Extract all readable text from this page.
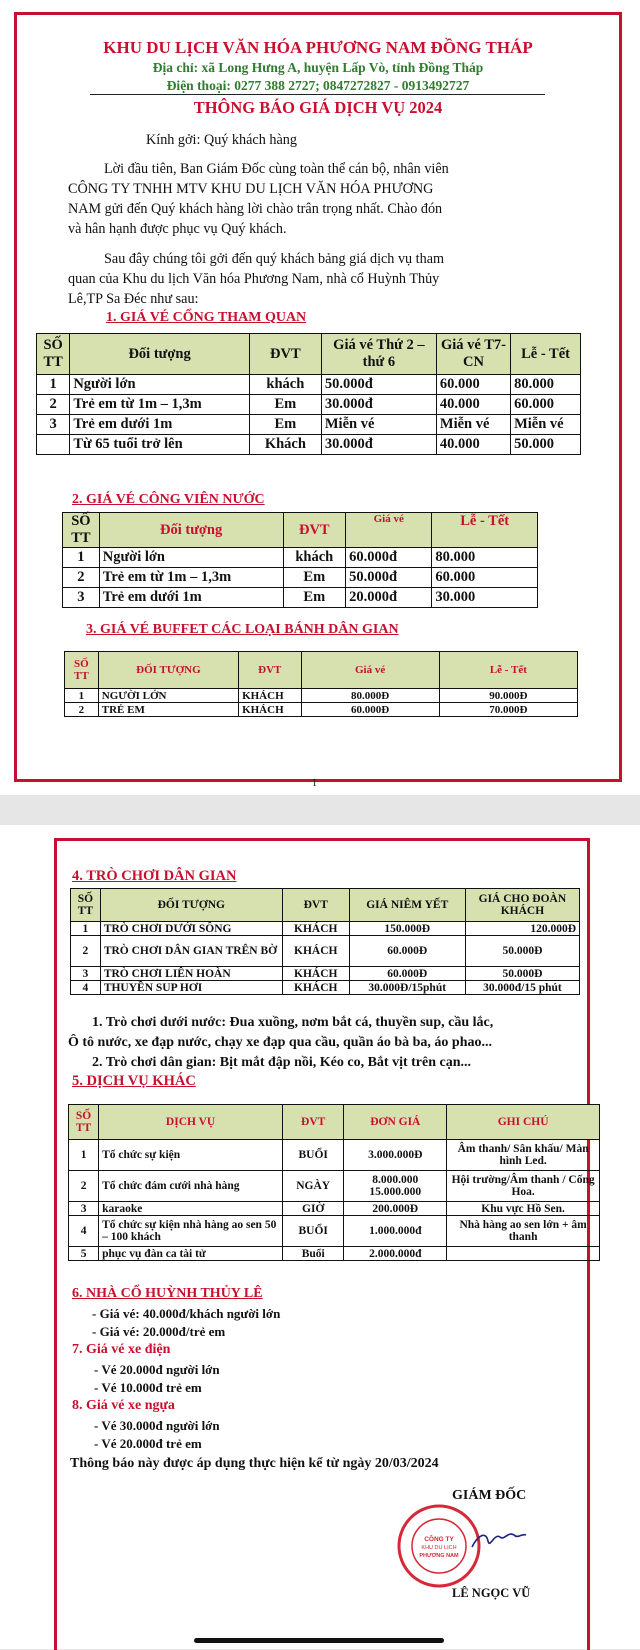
KHU DU LỊCH VĂN HÓA PHƯƠNG NAM ĐỒNG THÁP
Địa chỉ: xã Long Hưng A, huyện Lấp Vò, tỉnh Đồng Tháp
Điện thoại: 0277 388 2727; 0847272827 - 0913492727
THÔNG BÁO GIÁ DỊCH VỤ 2024
Kính gởi: Quý khách hàng
Lời đầu tiên, Ban Giám Đốc cùng toàn thể cán bộ, nhân viên
CÔNG TY TNHH MTV KHU DU LỊCH VĂN HÓA PHƯƠNG
NAM gửi đến Quý khách hàng lời chào trân trọng nhất. Chào đón
và hân hạnh được phục vụ Quý khách.
Sau đây chúng tôi gởi đến quý khách bảng giá dịch vụ tham
quan của Khu du lịch Văn hóa Phương Nam, nhà cổ Huỳnh Thủy
Lê,TP Sa Đéc như sau:
1. GIÁ VÉ CỔNG THAM QUAN
SỐ TT	Đối tượng	ĐVT	Giá vé Thứ 2 – thứ 6	Giá vé T7-CN	Lễ - Tết
1	Người lớn	khách	50.000đ	60.000	80.000
2	Trẻ em từ 1m – 1,3m	Em	30.000đ	40.000	60.000
3	Trẻ em dưới 1m	Em	Miễn vé	Miễn vé	Miễn vé
	Từ 65 tuổi trở lên	Khách	30.000đ	40.000	50.000
2. GIÁ VÉ CÔNG VIÊN NƯỚC
SỐ TT	Đối tượng	ĐVT	Giá vé	Lễ - Tết
1	Người lớn	khách	60.000đ	80.000
2	Trẻ em từ 1m – 1,3m	Em	50.000đ	60.000
3	Trẻ em dưới 1m	Em	20.000đ	30.000
3. GIÁ VÉ BUFFET CÁC LOẠI BÁNH DÂN GIAN
SỐ TT	ĐỐI TƯỢNG	ĐVT	Giá vé	Lễ - Tết
1	NGƯỜI LỚN	KHÁCH	80.000Đ	90.000Đ
2	TRẺ EM	KHÁCH	60.000Đ	70.000Đ
1
4. TRÒ CHƠI DÂN GIAN
SỐ TT	ĐỐI TƯỢNG	ĐVT	GIÁ NIÊM YẾT	GIÁ CHO ĐOÀN KHÁCH
1	TRÒ CHƠI DƯỚI SÔNG	KHÁCH	150.000Đ	120.000Đ
2	TRÒ CHƠI DÂN GIAN TRÊN BỜ	KHÁCH	60.000Đ	50.000Đ
3	TRÒ CHƠI LIÊN HOÀN	KHÁCH	60.000Đ	50.000Đ
4	THUYỀN SUP HƠI	KHÁCH	30.000Đ/15phút	30.000đ/15 phút
1. Trò chơi dưới nước: Đua xuồng, nơm bắt cá, thuyền sup, cầu lắc,
Ô tô nước, xe đạp nước, chạy xe đạp qua cầu, quần áo bà ba, áo phao...
2. Trò chơi dân gian: Bịt mắt đập nồi, Kéo co, Bắt vịt trên cạn...
5. DỊCH VỤ KHÁC
SỐ TT	DỊCH VỤ	ĐVT	ĐƠN GIÁ	GHI CHÚ
1	Tổ chức sự kiện	BUỔI	3.000.000Đ	Âm thanh/ Sân khấu/ Màn hình Led.
2	Tổ chức đám cưới nhà hàng	NGÀY	8.000.000 15.000.000	Hội trường/Âm thanh / Cổng Hoa.
3	karaoke	GIỜ	200.000Đ	Khu vực Hồ Sen.
4	Tổ chức sự kiện nhà hàng ao sen 50 – 100 khách	BUỔI	1.000.000đ	Nhà hàng ao sen lớn + âm thanh
5	phục vụ đàn ca tài tử	Buổi	2.000.000đ	
6. NHÀ CỔ HUỲNH THỦY LÊ
- Giá vé: 40.000đ/khách người lớn
- Giá vé: 20.000đ/trẻ em
7. Giá vé xe điện
- Vé 20.000đ người lớn
- Vé 10.000đ trẻ em
8. Giá vé xe ngựa
- Vé 30.000đ người lớn
- Vé 20.000đ trẻ em
Thông báo này được áp dụng thực hiện kể từ ngày 20/03/2024
GIÁM ĐỐC
CÔNG TY
KHU DU LỊCH
PHƯƠNG NAM
LÊ NGỌC VŨ
